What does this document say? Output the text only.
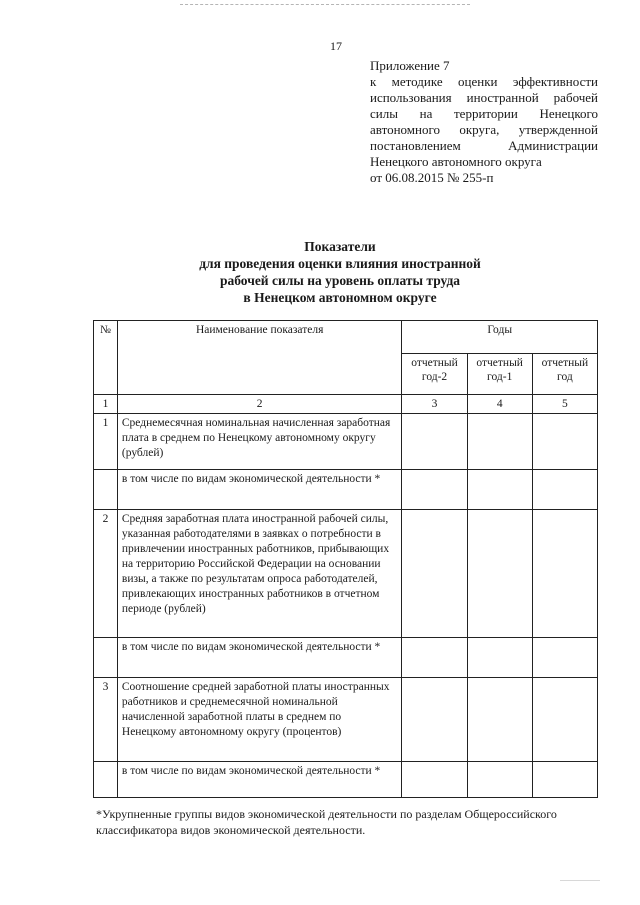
17
Приложение 7
к методике оценки эффективности
использования иностранной рабочей
силы на территории Ненецкого
автономного округа, утвержденной
постановлением Администрации
Ненецкого автономного округа
от 06.08.2015 № 255-п
Показатели
для проведения оценки влияния иностранной
рабочей силы на уровень оплаты труда
в Ненецком автономном округе
№	Наименование показателя	Годы		
		отчетный год-2	отчетный год-1	отчетный год
1	2	3	4	5
1	Среднемесячная номинальная начисленная заработная плата в среднем по Ненецкому автономному округу (рублей)			
	в том числе по видам экономической деятельности *			
2	Средняя заработная плата иностранной рабочей силы, указанная работодателями в заявках о потребности в привлечении иностранных работников, прибывающих на территорию Российской Федерации на основании визы, а также по результатам опроса работодателей, привлекающих иностранных работников в отчетном периоде (рублей)			
	в том числе по видам экономической деятельности *			
3	Соотношение средней заработной платы иностранных работников и среднемесячной номинальной начисленной заработной платы в среднем по Ненецкому автономному округу (процентов)			
	в том числе по видам экономической деятельности *			
*Укрупненные группы видов экономической деятельности по разделам Общероссийского классификатора видов экономической деятельности.
